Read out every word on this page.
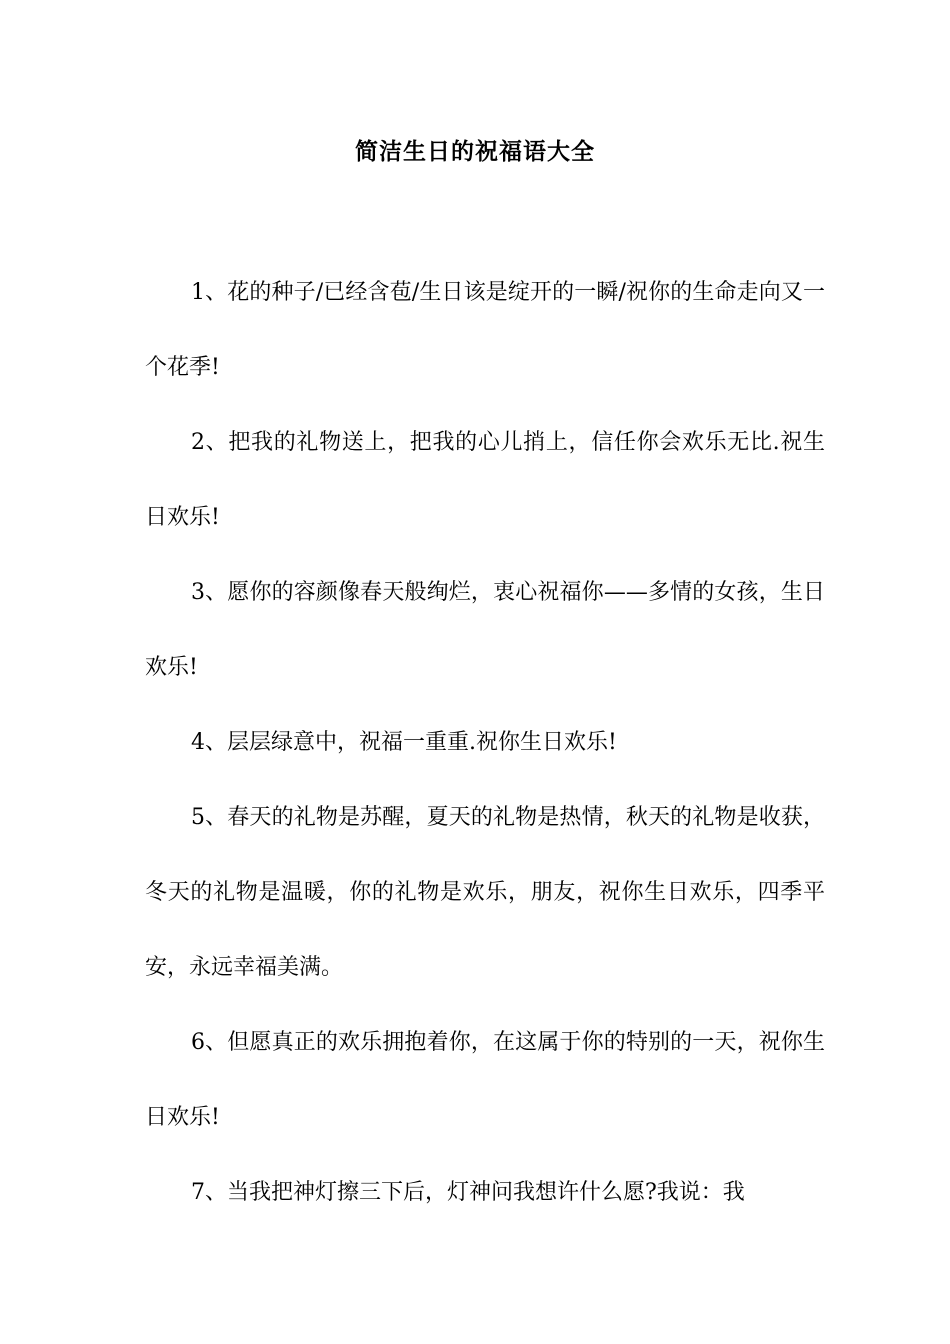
简洁生日的祝福语大全

1、花的种子/已经含苞/生日该是绽开的一瞬/祝你的生命走向又一个花季!

2、把我的礼物送上，把我的心儿捎上，信任你会欢乐无比.祝生日欢乐!

3、愿你的容颜像春天般绚烂，衷心祝福你——多情的女孩，生日欢乐!

4、层层绿意中，祝福一重重.祝你生日欢乐!

5、春天的礼物是苏醒，夏天的礼物是热情，秋天的礼物是收获，冬天的礼物是温暖，你的礼物是欢乐，朋友，祝你生日欢乐，四季平安，永远幸福美满。

6、但愿真正的欢乐拥抱着你，在这属于你的特别的一天，祝你生日欢乐!

7、当我把神灯擦三下后，灯神问我想许什么愿?我说：我
